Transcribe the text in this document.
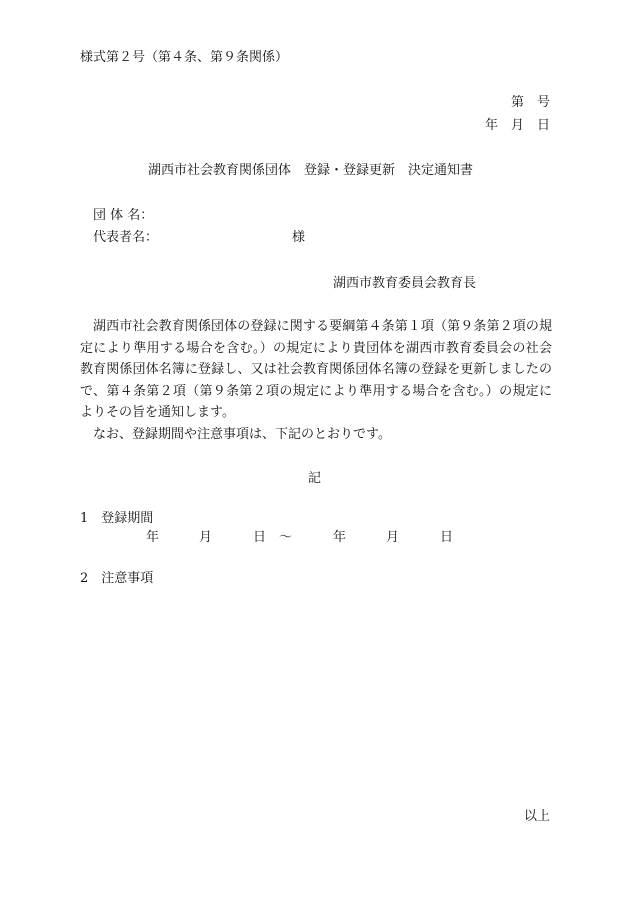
様式第２号（第４条、第９条関係）
第　号
年　月　日
湖西市社会教育関係団体　登録・登録更新　決定通知書
団 体 名：
代表者名：	様
湖西市教育委員会教育長

湖西市社会教育関係団体の登録に関する要綱第４条第１項（第９条第２項の規定により準用する場合を含む。）の規定により貴団体を湖西市教育委員会の社会教育関係団体名簿に登録し、又は社会教育関係団体名簿の登録を更新しましたので、第４条第２項（第９条第２項の規定により準用する場合を含む。）の規定によりその旨を通知します。

なお、登録期間や注意事項は、下記のとおりです。

記
1　登録期間
年	月	日 ～	年	月	日
2　注意事項
以上
